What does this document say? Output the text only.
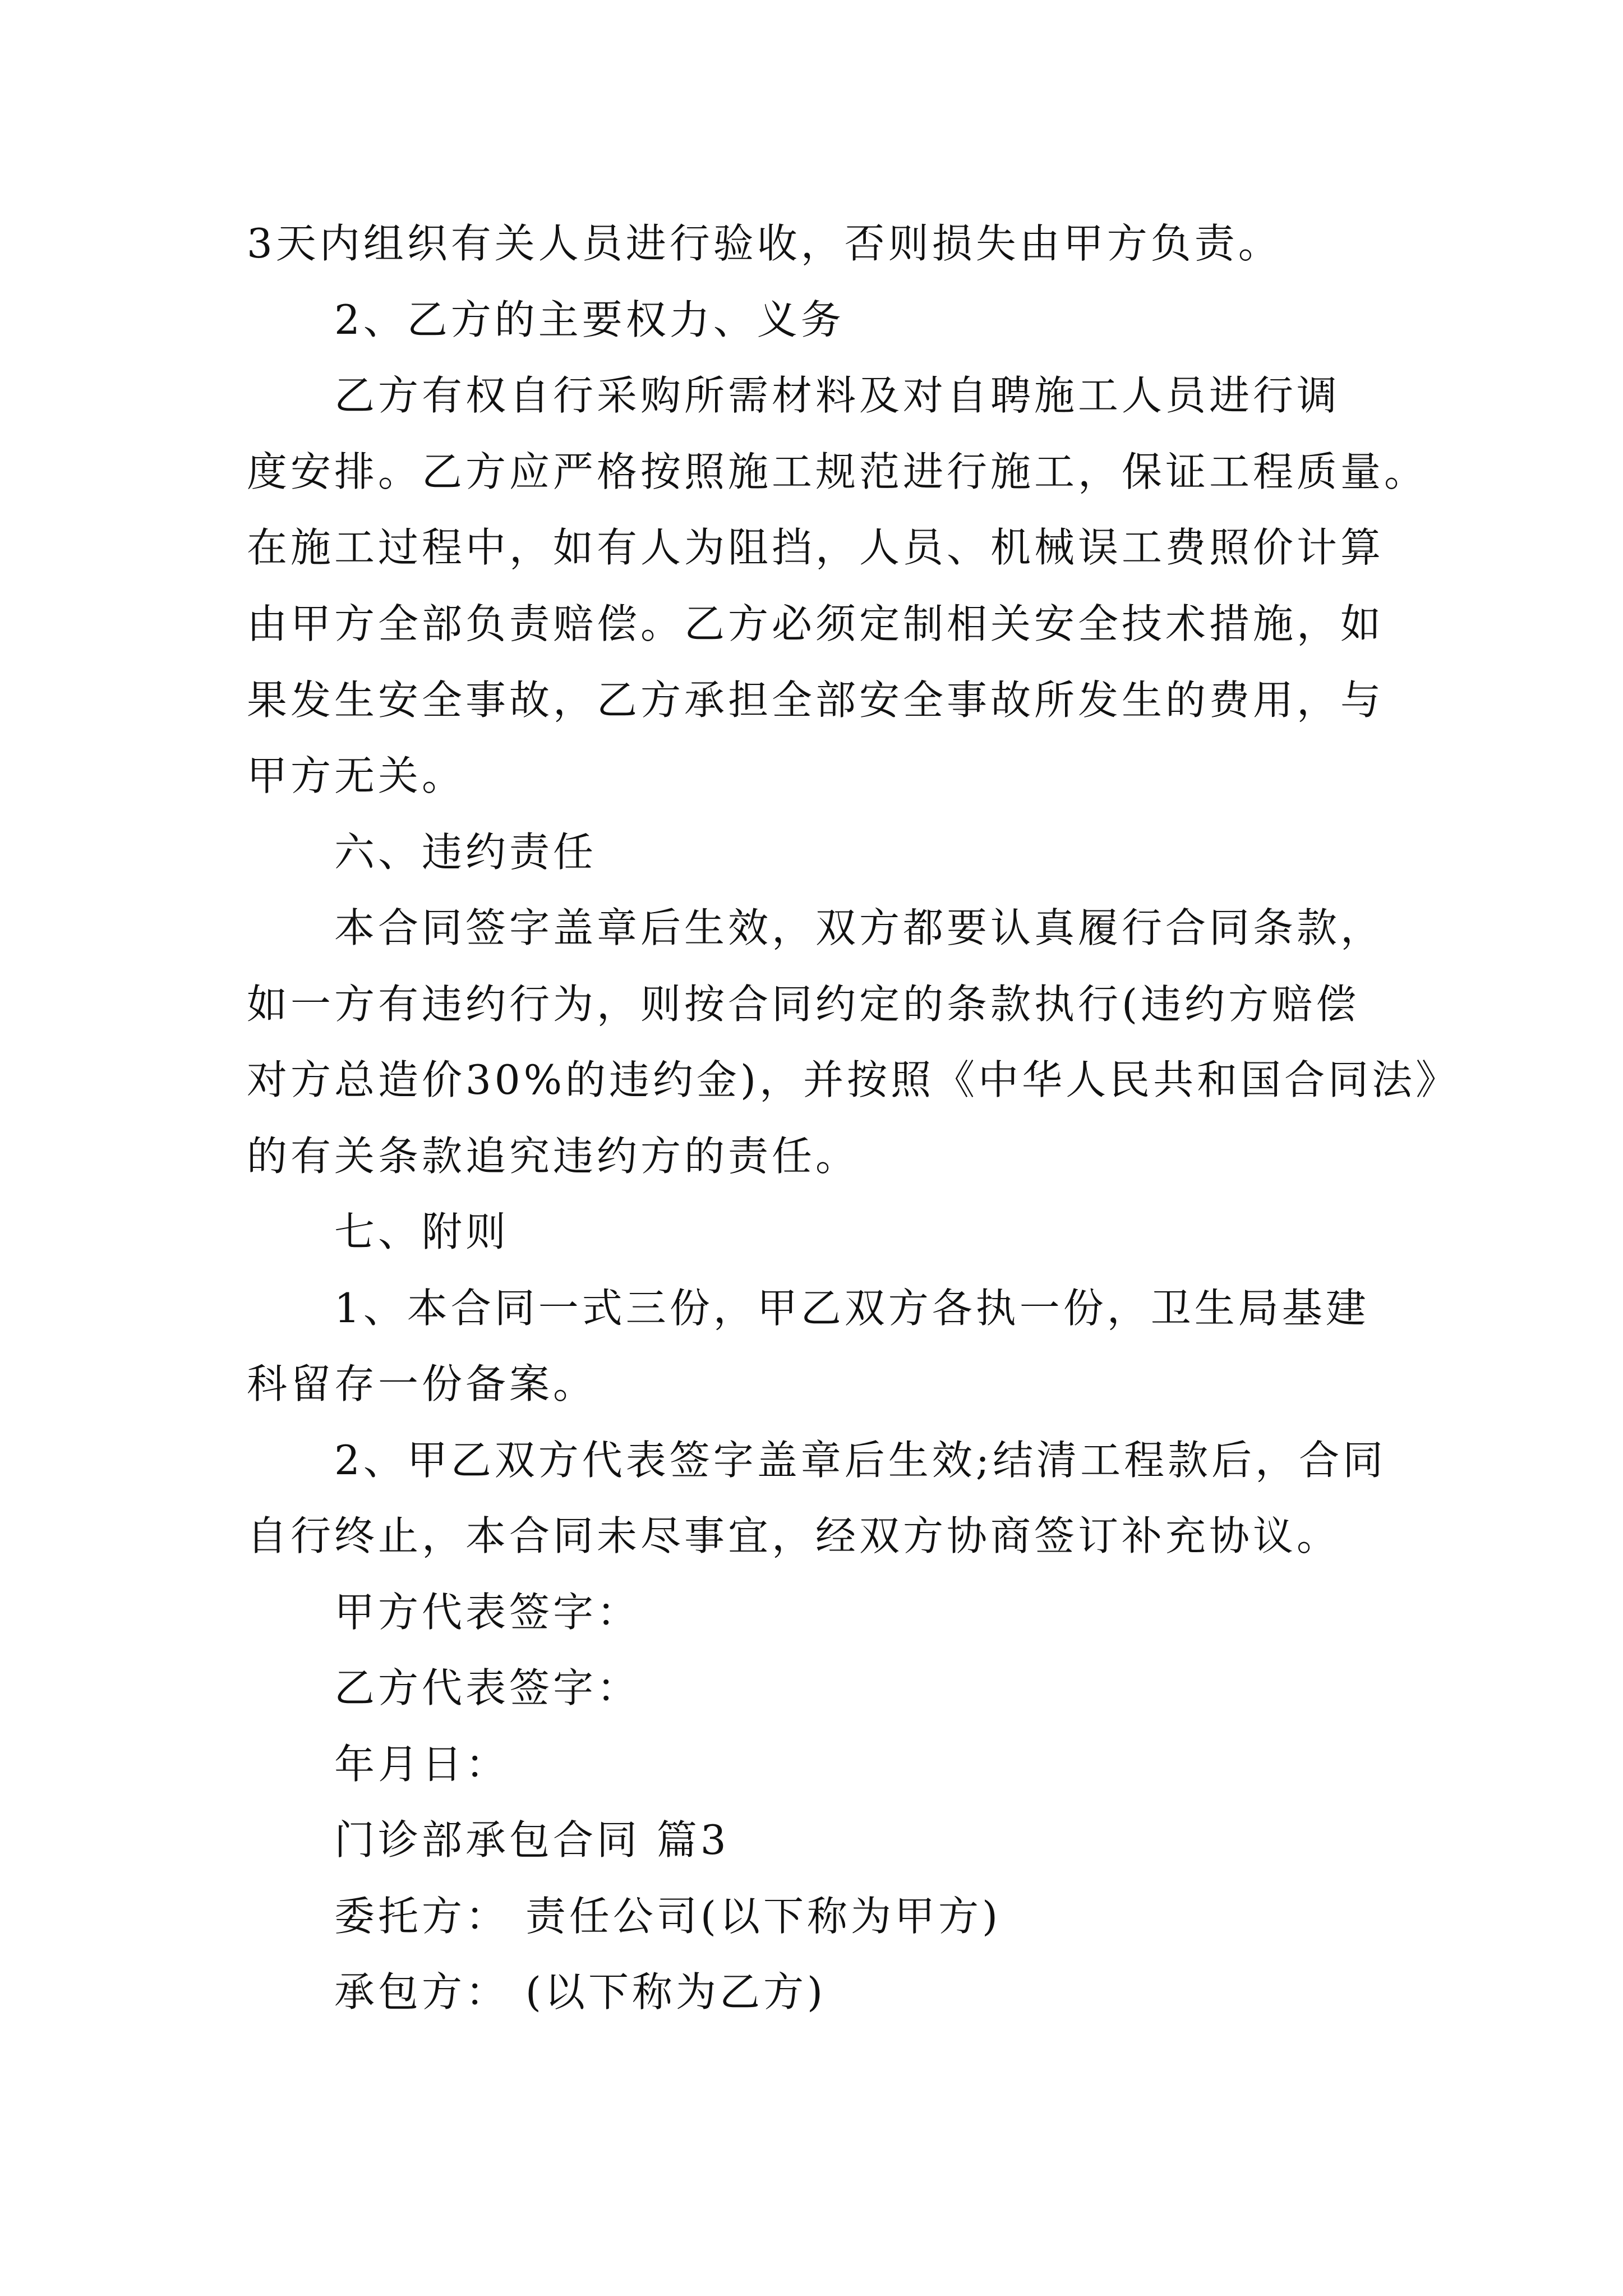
3天内组织有关人员进行验收，否则损失由甲方负责。

2、乙方的主要权力、义务

乙方有权自行采购所需材料及对自聘施工人员进行调

度安排。乙方应严格按照施工规范进行施工，保证工程质量。

在施工过程中，如有人为阻挡，人员、机械误工费照价计算

由甲方全部负责赔偿。乙方必须定制相关安全技术措施，如

果发生安全事故，乙方承担全部安全事故所发生的费用，与

甲方无关。

六、违约责任

本合同签字盖章后生效，双方都要认真履行合同条款，

如一方有违约行为，则按合同约定的条款执行(违约方赔偿

对方总造价30%的违约金)，并按照《中华人民共和国合同法》

的有关条款追究违约方的责任。

七、附则

1、本合同一式三份，甲乙双方各执一份，卫生局基建

科留存一份备案。

2、甲乙双方代表签字盖章后生效;结清工程款后，合同

自行终止，本合同未尽事宜，经双方协商签订补充协议。

甲方代表签字：

乙方代表签字：

年月日：

门诊部承包合同 篇3

委托方： 责任公司(以下称为甲方)

承包方： (以下称为乙方)
